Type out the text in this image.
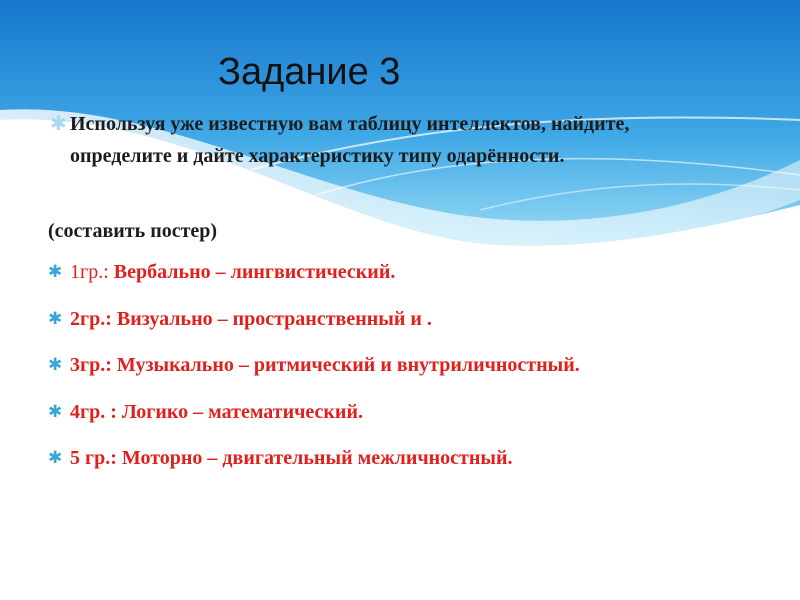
Задание 3
✱ Используя уже известную вам таблицу интеллектов, найдите, определите и дайте характеристику типу одарённости.

(составить постер)

✱ 1гр.: Вербально – лингвистический.
✱ 2гр.: Визуально – пространственный и .
✱ 3гр.: Музыкально – ритмический и внутриличностный.
✱ 4гр. : Логико – математический.
✱ 5 гр.: Моторно – двигательный межличностный.
